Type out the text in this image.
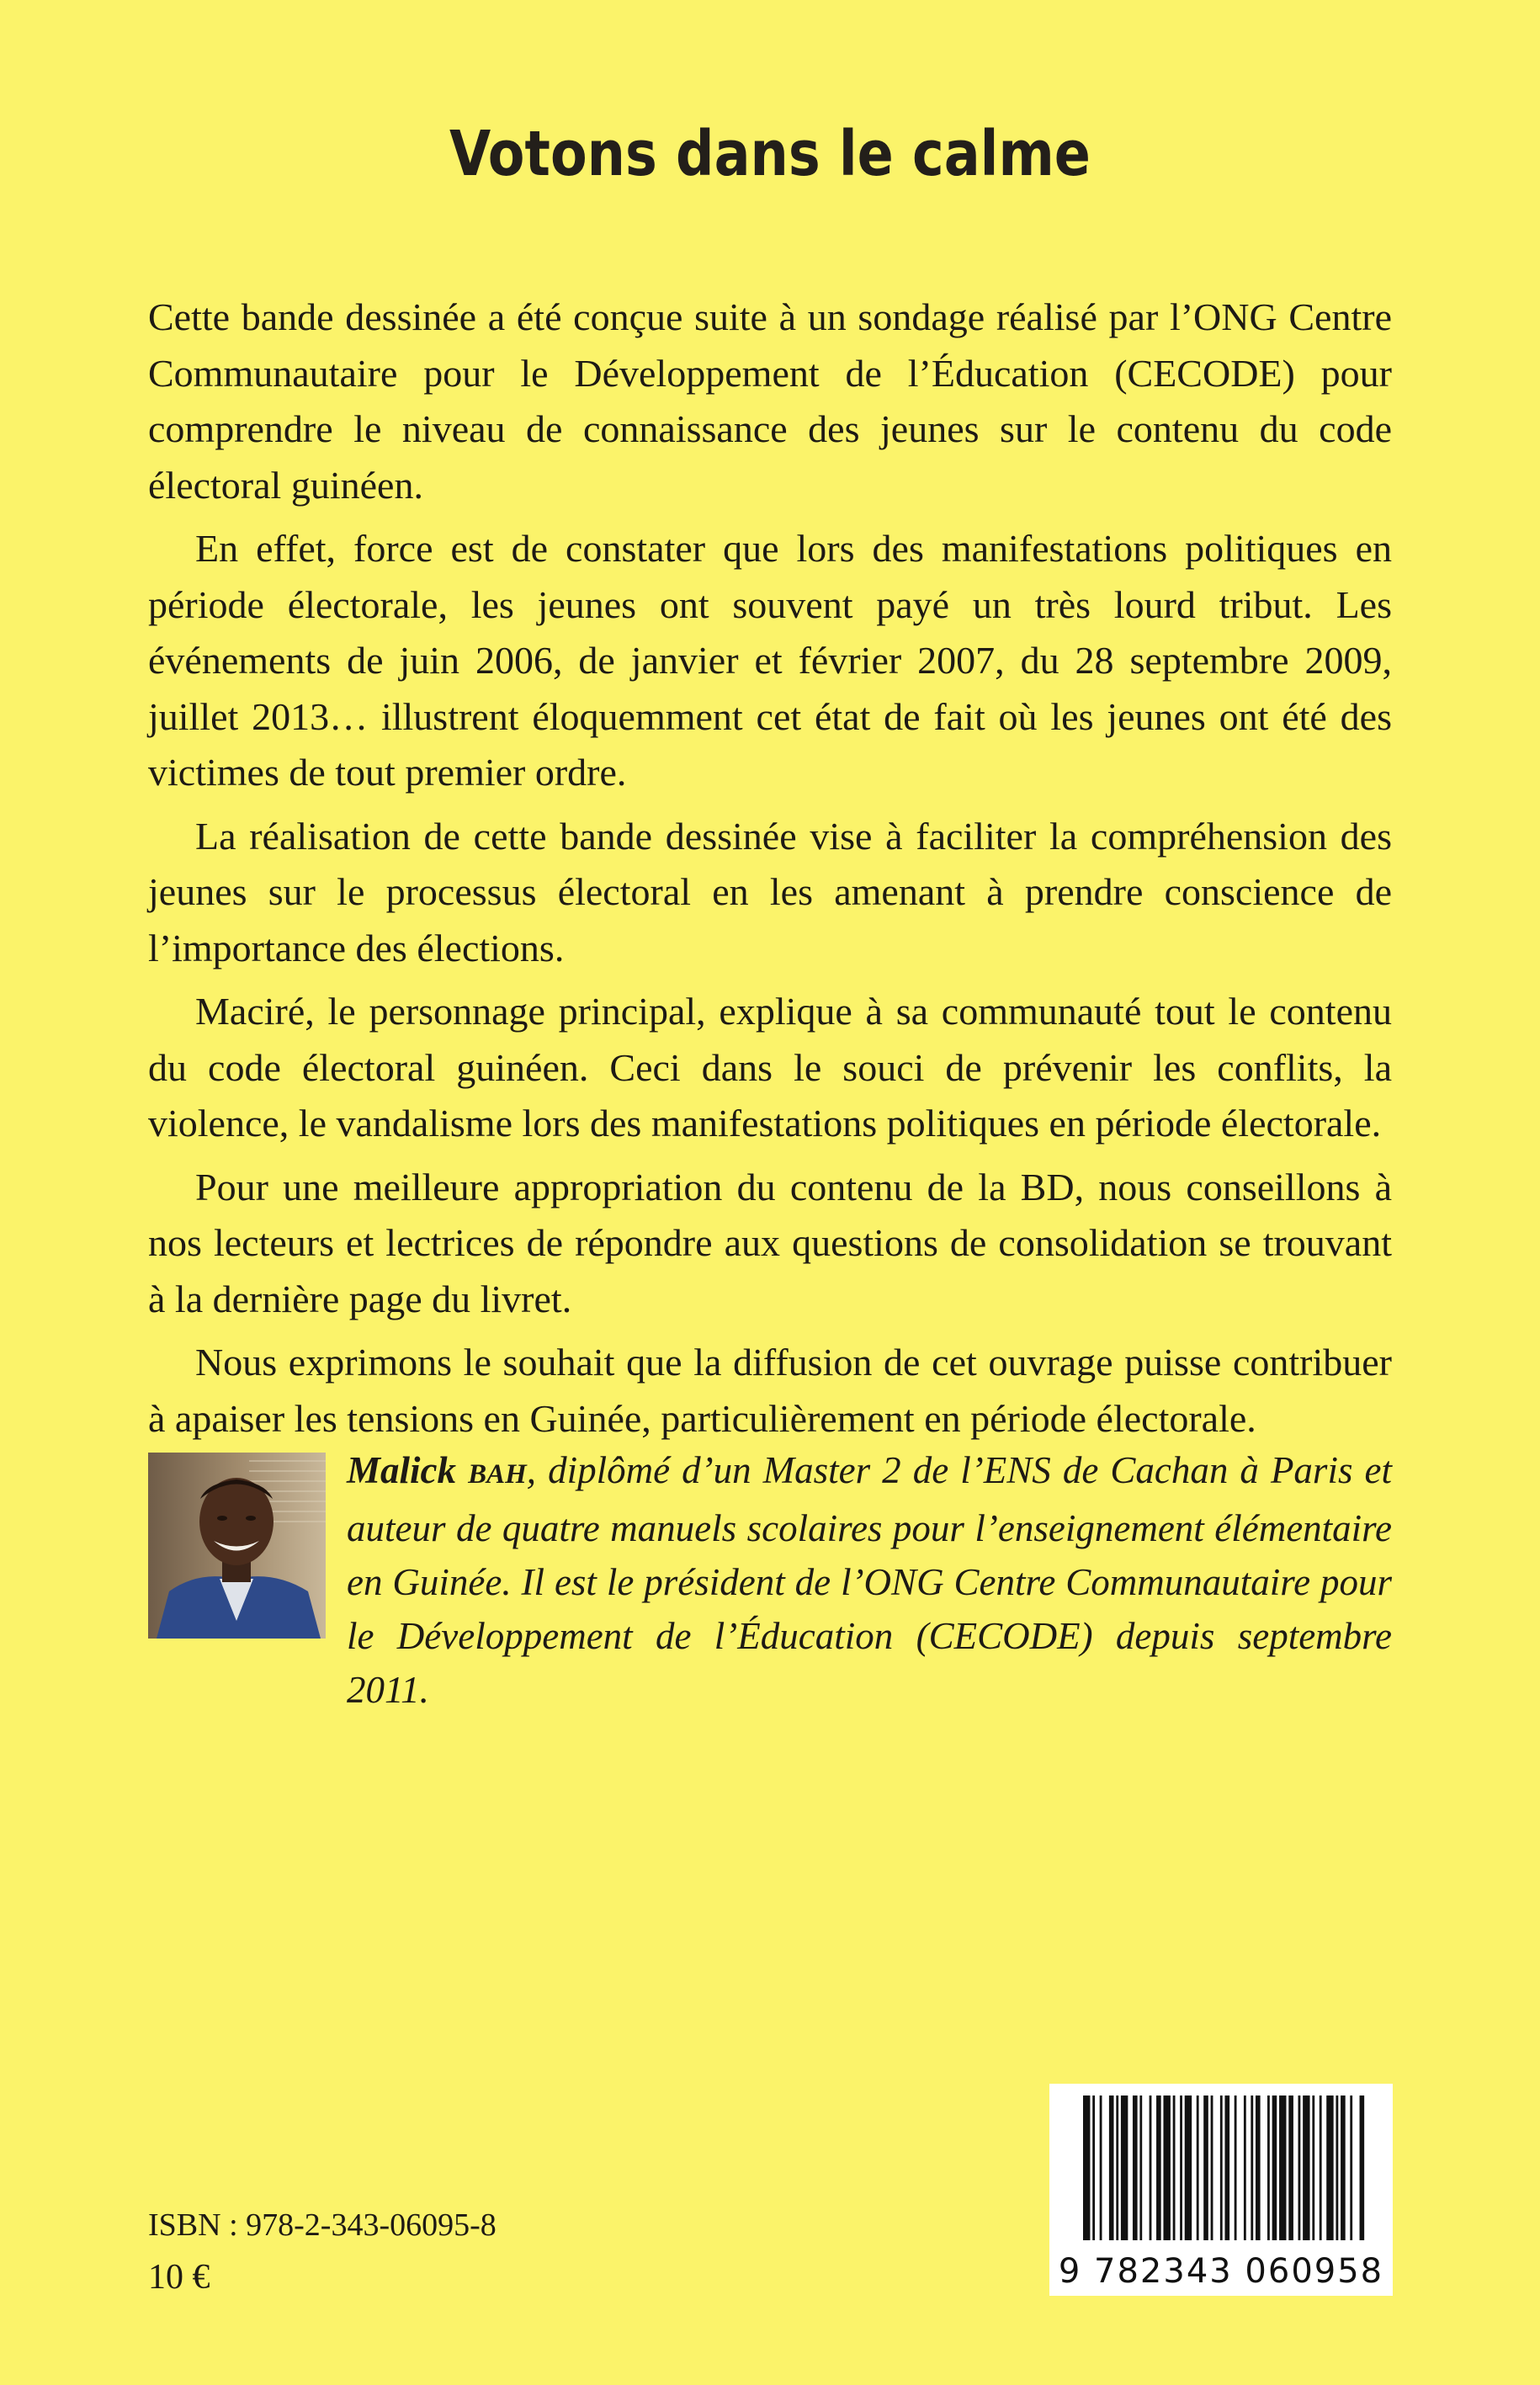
Votons dans le calme

Cette bande dessinée a été conçue suite à un sondage réalisé par l’ONG Centre Communautaire pour le Développement de l’Éducation (CECODE) pour comprendre le niveau de connaissance des jeunes sur le contenu du code électoral guinéen.

En effet, force est de constater que lors des manifestations politiques en période électorale, les jeunes ont souvent payé un très lourd tribut. Les événements de juin 2006, de janvier et février 2007, du 28 septembre 2009, juillet 2013… illustrent éloquemment cet état de fait où les jeunes ont été des victimes de tout premier ordre.

La réalisation de cette bande dessinée vise à faciliter la compréhension des jeunes sur le processus électoral en les amenant à prendre conscience de l’importance des élections.

Maciré, le personnage principal, explique à sa communauté tout le contenu du code électoral guinéen. Ceci dans le souci de prévenir les conflits, la violence, le vandalisme lors des manifestations politiques en période électorale.

Pour une meilleure appropriation du contenu de la BD, nous conseillons à nos lecteurs et lectrices de répondre aux questions de consolidation se trouvant à la dernière page du livret.

Nous exprimons le souhait que la diffusion de cet ouvrage puisse contribuer à apaiser les tensions en Guinée, particulièrement en période électorale.

Malick BAH, diplômé d’un Master 2 de l’ENS de Cachan à Paris et auteur de quatre manuels scolaires pour l’enseignement élémentaire en Guinée. Il est le président de l’ONG Centre Communautaire pour le Développement de l’Éducation (CECODE) depuis septembre 2011.
ISBN : 978-2-343-06095-8
10 €	9 782343 060958
